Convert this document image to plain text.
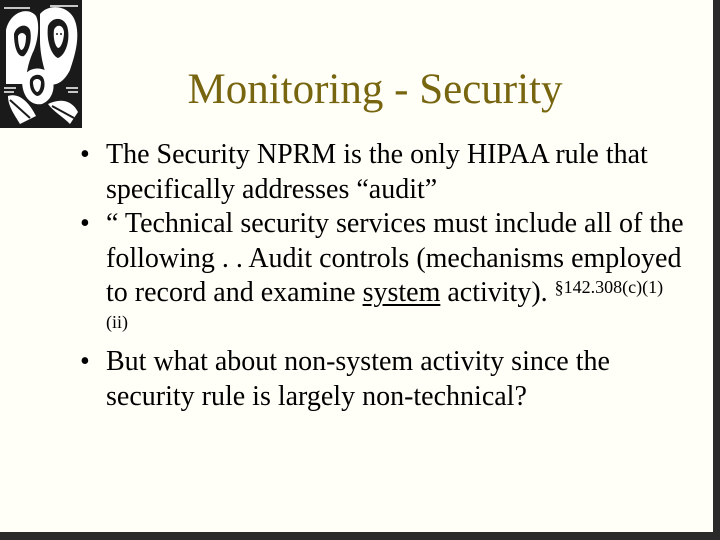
Monitoring - Security
• The Security NPRM is the only HIPAA rule that specifically addresses “audit”
• “ Technical security services must include all of the following . . Audit controls (mechanisms employed to record and examine system activity). $^{\S 142.308(c)(1)(ii)}$
• But what about non-system activity since the security rule is largely non-technical?
